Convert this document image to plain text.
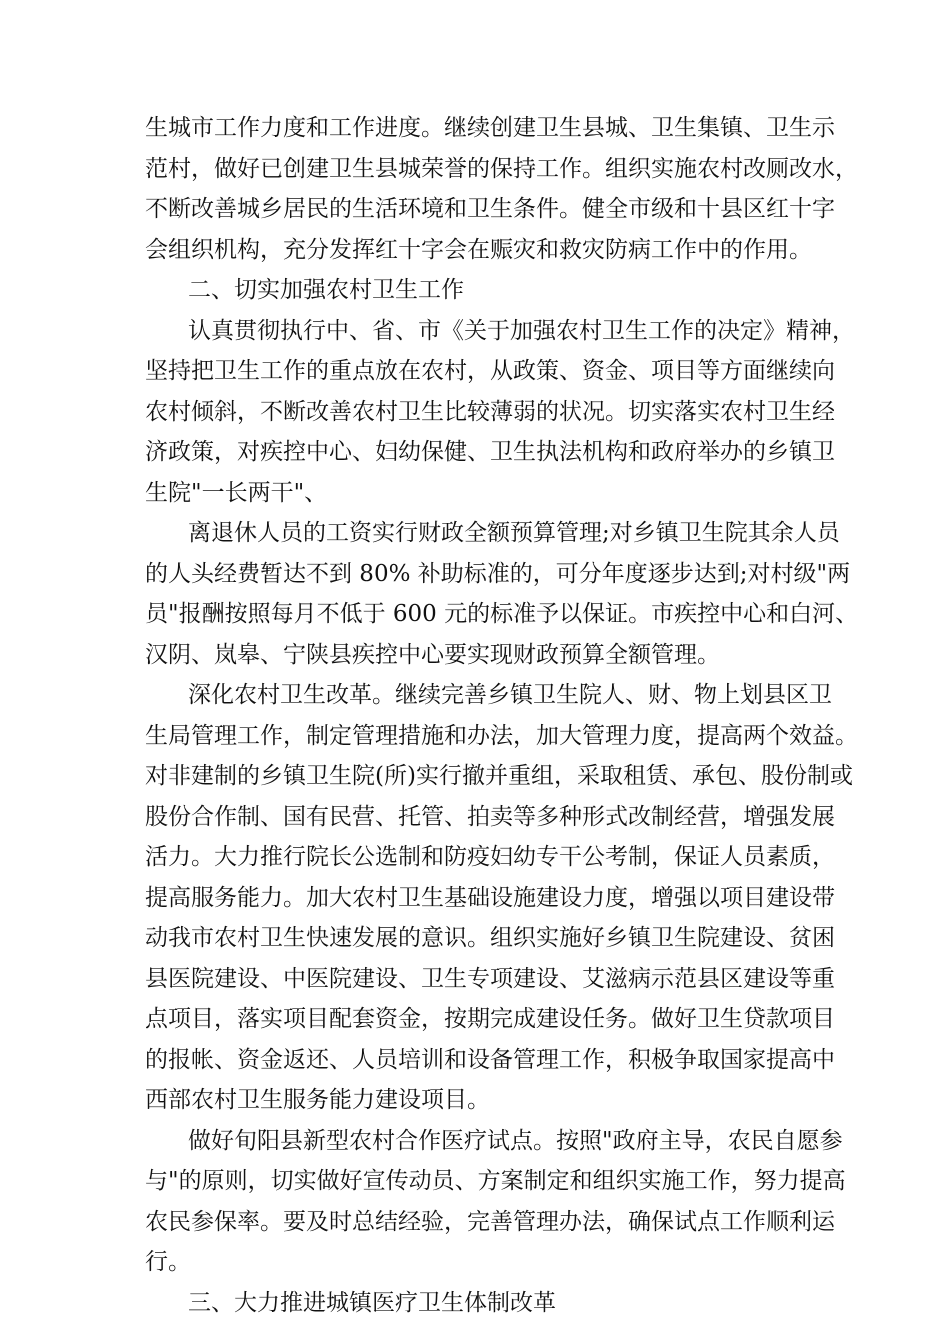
生城市工作力度和工作进度。继续创建卫生县城、卫生集镇、卫生示
范村，做好已创建卫生县城荣誉的保持工作。组织实施农村改厕改水，
不断改善城乡居民的生活环境和卫生条件。健全市级和十县区红十字
会组织机构，充分发挥红十字会在赈灾和救灾防病工作中的作用。
二、切实加强农村卫生工作
认真贯彻执行中、省、市《关于加强农村卫生工作的决定》精神，
坚持把卫生工作的重点放在农村，从政策、资金、项目等方面继续向
农村倾斜，不断改善农村卫生比较薄弱的状况。切实落实农村卫生经
济政策，对疾控中心、妇幼保健、卫生执法机构和政府举办的乡镇卫
生院"一长两干"、
离退休人员的工资实行财政全额预算管理;对乡镇卫生院其余人员
的人头经费暂达不到 80% 补助标准的，可分年度逐步达到;对村级"两
员"报酬按照每月不低于 600 元的标准予以保证。市疾控中心和白河、
汉阴、岚皋、宁陕县疾控中心要实现财政预算全额管理。
深化农村卫生改革。继续完善乡镇卫生院人、财、物上划县区卫
生局管理工作，制定管理措施和办法，加大管理力度，提高两个效益。
对非建制的乡镇卫生院(所)实行撤并重组，采取租赁、承包、股份制或
股份合作制、国有民营、托管、拍卖等多种形式改制经营，增强发展
活力。大力推行院长公选制和防疫妇幼专干公考制，保证人员素质，
提高服务能力。加大农村卫生基础设施建设力度，增强以项目建设带
动我市农村卫生快速发展的意识。组织实施好乡镇卫生院建设、贫困
县医院建设、中医院建设、卫生专项建设、艾滋病示范县区建设等重
点项目，落实项目配套资金，按期完成建设任务。做好卫生贷款项目
的报帐、资金返还、人员培训和设备管理工作，积极争取国家提高中
西部农村卫生服务能力建设项目。
做好旬阳县新型农村合作医疗试点。按照"政府主导，农民自愿参
与"的原则，切实做好宣传动员、方案制定和组织实施工作，努力提高
农民参保率。要及时总结经验，完善管理办法，确保试点工作顺利运
行。
三、大力推进城镇医疗卫生体制改革
